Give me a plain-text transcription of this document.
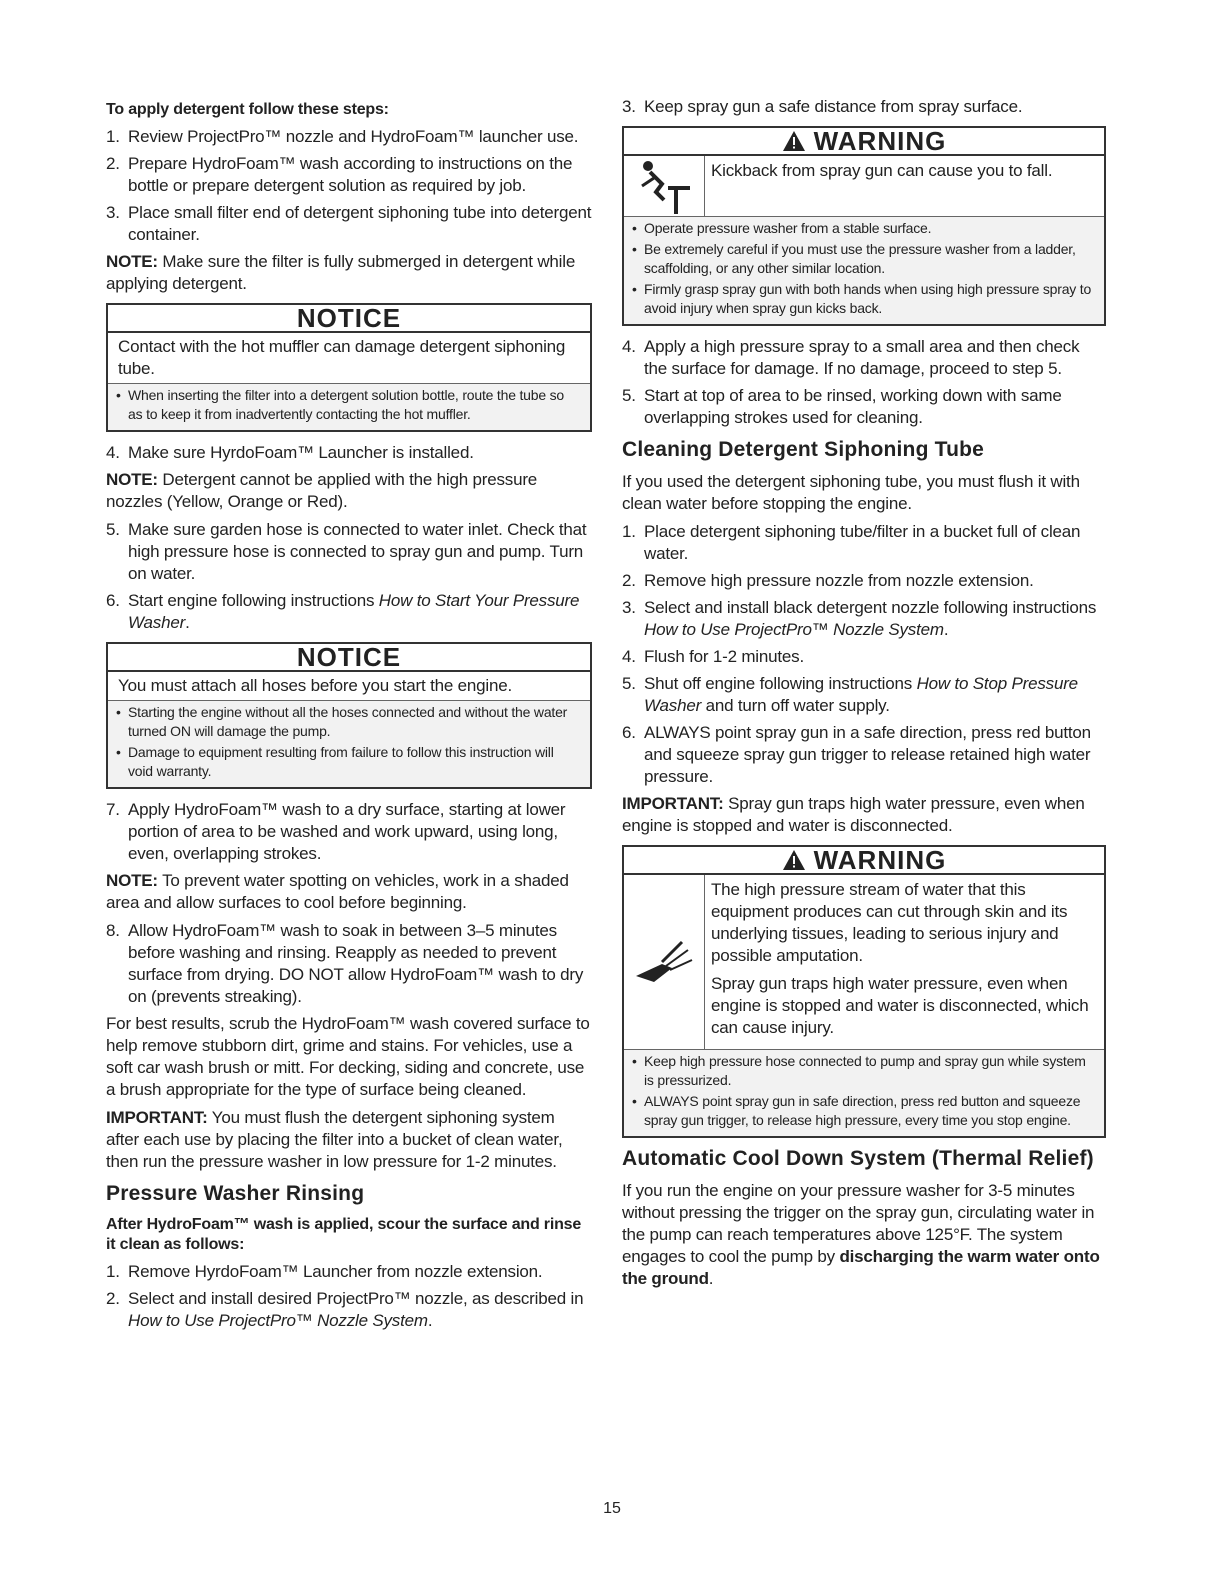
To apply detergent follow these steps:
1. Review ProjectPro™ nozzle and HydroFoam™ launcher use.
2. Prepare HydroFoam™ wash according to instructions on the bottle or prepare detergent solution as required by job.
3. Place small filter end of detergent siphoning tube into detergent container.

NOTE: Make sure the filter is fully submerged in detergent while applying detergent.

NOTICE
Contact with the hot muffler can damage detergent siphoning tube.
• When inserting the filter into a detergent solution bottle, route the tube so as to keep it from inadvertently contacting the hot muffler.
4. Make sure HyrdoFoam™ Launcher is installed.

NOTE: Detergent cannot be applied with the high pressure nozzles (Yellow, Orange or Red).

5. Make sure garden hose is connected to water inlet. Check that high pressure hose is connected to spray gun and pump. Turn on water.
6. Start engine following instructions How to Start Your Pressure Washer.
NOTICE
You must attach all hoses before you start the engine.
• Starting the engine without all the hoses connected and without the water turned ON will damage the pump.
• Damage to equipment resulting from failure to follow this instruction will void warranty.
7. Apply HydroFoam™ wash to a dry surface, starting at lower portion of area to be washed and work upward, using long, even, overlapping strokes.

NOTE: To prevent water spotting on vehicles, work in a shaded area and allow surfaces to cool before beginning.

8. Allow HydroFoam™ wash to soak in between 3–5 minutes before washing and rinsing. Reapply as needed to prevent surface from drying. DO NOT allow HydroFoam™ wash to dry on (prevents streaking).

For best results, scrub the HydroFoam™ wash covered surface to help remove stubborn dirt, grime and stains. For vehicles, use a soft car wash brush or mitt. For decking, siding and concrete, use a brush appropriate for the type of surface being cleaned.

IMPORTANT: You must flush the detergent siphoning system after each use by placing the filter into a bucket of clean water, then run the pressure washer in low pressure for 1-2 minutes.

Pressure Washer Rinsing
After HydroFoam™ wash is applied, scour the surface and rinse it clean as follows:
1. Remove HyrdoFoam™ Launcher from nozzle extension.
2. Select and install desired ProjectPro™ nozzle, as described in How to Use ProjectPro™ Nozzle System.
3. Keep spray gun a safe distance from spray surface.
WARNING
Kickback from spray gun can cause you to fall.
• Operate pressure washer from a stable surface.
• Be extremely careful if you must use the pressure washer from a ladder, scaffolding, or any other similar location.
• Firmly grasp spray gun with both hands when using high pressure spray to avoid injury when spray gun kicks back.
4. Apply a high pressure spray to a small area and then check the surface for damage. If no damage, proceed to step 5.
5. Start at top of area to be rinsed, working down with same overlapping strokes used for cleaning.
Cleaning Detergent Siphoning Tube

If you used the detergent siphoning tube, you must flush it with clean water before stopping the engine.

1. Place detergent siphoning tube/filter in a bucket full of clean water.
2. Remove high pressure nozzle from nozzle extension.
3. Select and install black detergent nozzle following instructions How to Use ProjectPro™ Nozzle System.
4. Flush for 1-2 minutes.
5. Shut off engine following instructions How to Stop Pressure Washer and turn off water supply.
6. ALWAYS point spray gun in a safe direction, press red button and squeeze spray gun trigger to release retained high water pressure.

IMPORTANT: Spray gun traps high water pressure, even when engine is stopped and water is disconnected.

WARNING

The high pressure stream of water that this equipment produces can cut through skin and its underlying tissues, leading to serious injury and possible amputation.

Spray gun traps high water pressure, even when engine is stopped and water is disconnected, which can cause injury.

• Keep high pressure hose connected to pump and spray gun while system is pressurized.
• ALWAYS point spray gun in safe direction, press red button and squeeze spray gun trigger, to release high pressure, every time you stop engine.
Automatic Cool Down System (Thermal Relief)

If you run the engine on your pressure washer for 3-5 minutes without pressing the trigger on the spray gun, circulating water in the pump can reach temperatures above 125°F. The system engages to cool the pump by discharging the warm water onto the ground.

15
